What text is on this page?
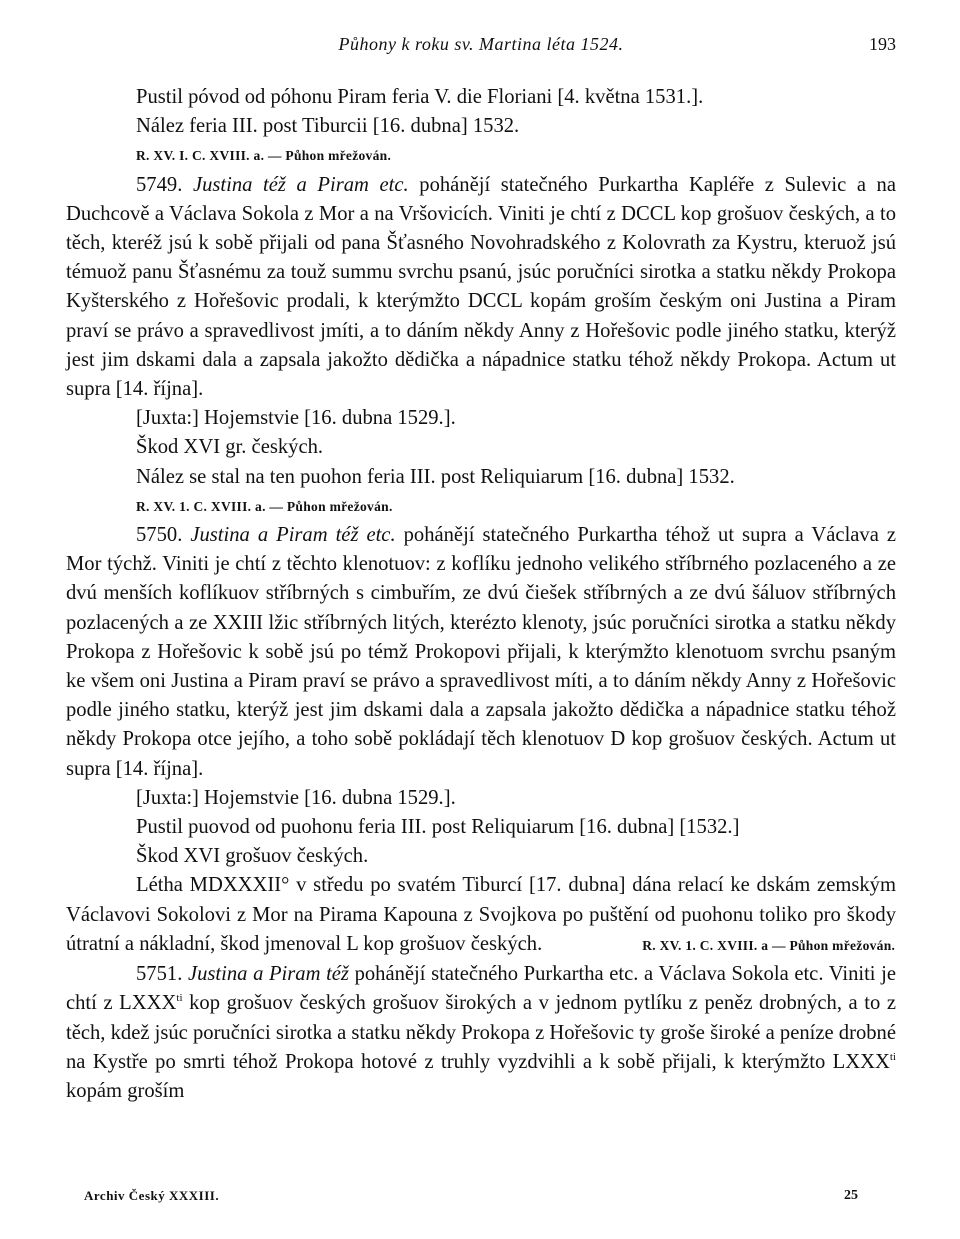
Půhony k roku sv. Martina léta 1524.	193

Pustil póvod od póhonu Piram feria V. die Floriani [4. května 1531.].

Nález feria III. post Tiburcii [16. dubna] 1532.

R. XV. I. C. XVIII. a. — Půhon mřežován.

5749. Justina též a Piram etc. pohánějí statečného Purkartha Kapléře z Sulevic a na Duchcově a Václava Sokola z Mor a na Vršovicích. Viniti je chtí z DCCL kop grošuov českých, a to těch, kteréž jsú k sobě přijali od pana Šťasného Novohradského z Kolovrath za Kystru, kteruož jsú témuož panu Šťasnému za touž summu svrchu psanú, jsúc poručníci sirotka a statku někdy Prokopa Kyšterského z Hořešovic prodali, k kterýmžto DCCL kopám groším českým oni Justina a Piram praví se právo a spravedlivost jmíti, a to dáním někdy Anny z Hořešovic podle jiného statku, kterýž jest jim dskami dala a zapsala jakožto dědička a nápadnice statku téhož někdy Prokopa. Actum ut supra [14. října].

[Juxta:] Hojemstvie [16. dubna 1529.].

Škod XVI gr. českých.

Nález se stal na ten puohon feria III. post Reliquiarum [16. dubna] 1532.

R. XV. 1. C. XVIII. a. — Půhon mřežován.

5750. Justina a Piram též etc. pohánějí statečného Purkartha téhož ut supra a Václava z Mor týchž. Viniti je chtí z těchto klenotuov: z koflíku jednoho velikého stříbrného pozlaceného a ze dvú menších koflíkuov stříbrných s cimbuřím, ze dvú čiešek stříbrných a ze dvú šáluov stříbrných pozlacených a ze XXIII lžic stříbrných litých, kterézto klenoty, jsúc poručníci sirotka a statku někdy Prokopa z Hořešovic k sobě jsú po témž Prokopovi přijali, k kterýmžto klenotuom svrchu psaným ke všem oni Justina a Piram praví se právo a spravedlivost míti, a to dáním někdy Anny z Hořešovic podle jiného statku, kterýž jest jim dskami dala a zapsala jakožto dědička a nápadnice statku téhož někdy Prokopa otce jejího, a toho sobě pokládají těch klenotuov D kop grošuov českých. Actum ut supra [14. října].

[Juxta:] Hojemstvie [16. dubna 1529.].

Pustil puovod od puohonu feria III. post Reliquiarum [16. dubna] [1532.]

Škod XVI grošuov českých.

Létha MDXXXII° v středu po svatém Tiburcí [17. dubna] dána relací ke dskám zemským Václavovi Sokolovi z Mor na Pirama Kapouna z Svojkova po puštění od puohonu toliko pro škody útratní a nákladní, škod jmenoval L kop grošuov českých.	R. XV. 1. C. XVIII. a — Půhon mřežován.

5751. Justina a Piram též pohánějí statečného Purkartha etc. a Václava Sokola etc. Viniti je chtí z $LXXX^{ti}$ kop grošuov českých grošuov širokých a v jednom pytlíku z peněz drobných, a to z těch, kdež jsúc poručníci sirotka a statku někdy Prokopa z Hořešovic ty groše široké a peníze drobné na Kystře po smrti téhož Prokopa hotové z truhly vyzdvihli a k sobě přijali, k kterýmžto $LXXX^{ti}$ kopám groším

Archiv Český XXXIII.	25
